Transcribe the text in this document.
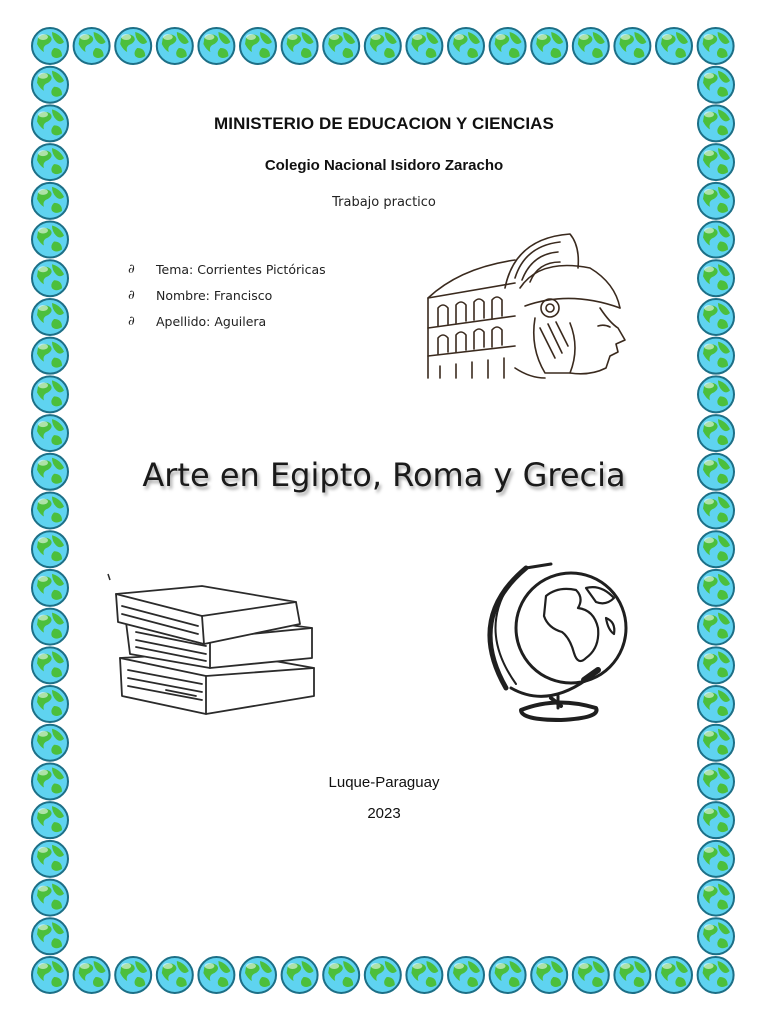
MINISTERIO DE EDUCACION Y CIENCIAS

Colegio Nacional Isidoro Zaracho

Trabajo practico

∂	Tema: Corrientes Pictóricas
∂	Nombre: Francisco
∂	Apellido: Aguilera

Arte en Egipto, Roma y Grecia

Luque-Paraguay

2023
